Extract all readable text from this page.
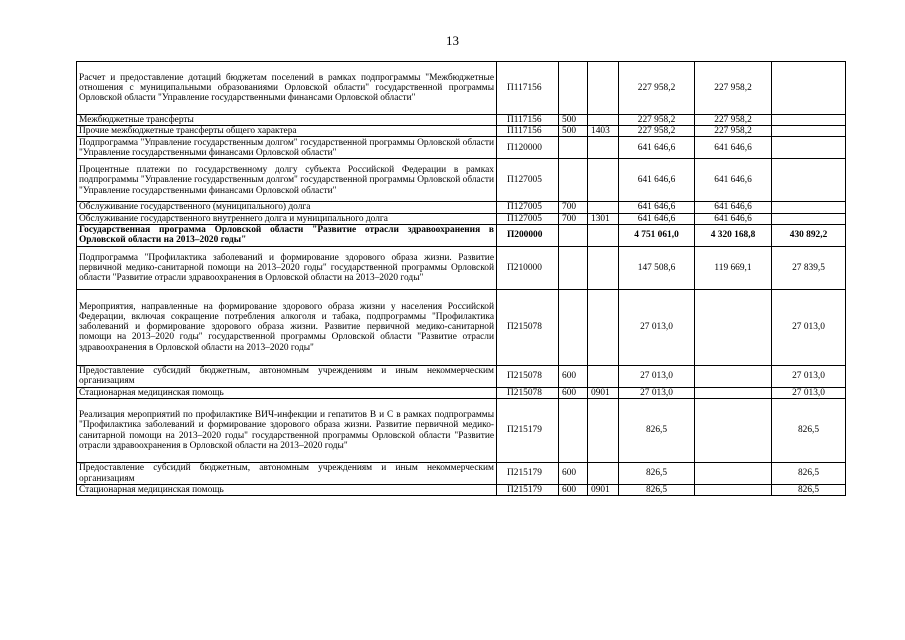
13
Расчет и предоставление дотаций бюджетам поселений в рамках подпрограммы "Межбюджетные отношения с муниципальными образованиями Орловской области" государственной программы Орловской области "Управление государственными финансами Орловской области"	П117156			227 958,2	227 958,2	
Межбюджетные трансферты	П117156	500		227 958,2	227 958,2	
Прочие межбюджетные трансферты общего характера	П117156	500	1403	227 958,2	227 958,2	
Подпрограмма "Управление государственным долгом" государственной программы Орловской области "Управление государственными финансами Орловской области"	П120000			641 646,6	641 646,6	
Процентные платежи по государственному долгу субъекта Российской Федерации в рамках подпрограммы "Управление государственным долгом" государственной программы Орловской области "Управление государственными финансами Орловской области"	П127005			641 646,6	641 646,6	
Обслуживание государственного (муниципального) долга	П127005	700		641 646,6	641 646,6	
Обслуживание государственного внутреннего долга и муниципального долга	П127005	700	1301	641 646,6	641 646,6	
Государственная программа Орловской области "Развитие отрасли здравоохранения в Орловской области на 2013–2020 годы"	П200000			4 751 061,0	4 320 168,8	430 892,2
Подпрограмма "Профилактика заболеваний и формирование здорового образа жизни. Развитие первичной медико-санитарной помощи на 2013–2020 годы" государственной программы Орловской области "Развитие отрасли здравоохранения в Орловской области на 2013–2020 годы"	П210000			147 508,6	119 669,1	27 839,5
Мероприятия, направленные на формирование здорового образа жизни у населения Российской Федерации, включая сокращение потребления алкоголя и табака, подпрограммы "Профилактика заболеваний и формирование здорового образа жизни. Развитие первичной медико-санитарной помощи на 2013–2020 годы" государственной программы Орловской области "Развитие отрасли здравоохранения в Орловской области на 2013–2020 годы"	П215078			27 013,0		27 013,0
Предоставление субсидий бюджетным, автономным учреждениям и иным некоммерческим организациям	П215078	600		27 013,0		27 013,0
Стационарная медицинская помощь	П215078	600	0901	27 013,0		27 013,0
Реализация мероприятий по профилактике ВИЧ-инфекции и гепатитов B и C в рамках подпрограммы "Профилактика заболеваний и формирование здорового образа жизни. Развитие первичной медико-санитарной помощи на 2013–2020 годы" государственной программы Орловской области "Развитие отрасли здравоохранения в Орловской области на 2013–2020 годы"	П215179			826,5		826,5
Предоставление субсидий бюджетным, автономным учреждениям и иным некоммерческим организациям	П215179	600		826,5		826,5
Стационарная медицинская помощь	П215179	600	0901	826,5		826,5
